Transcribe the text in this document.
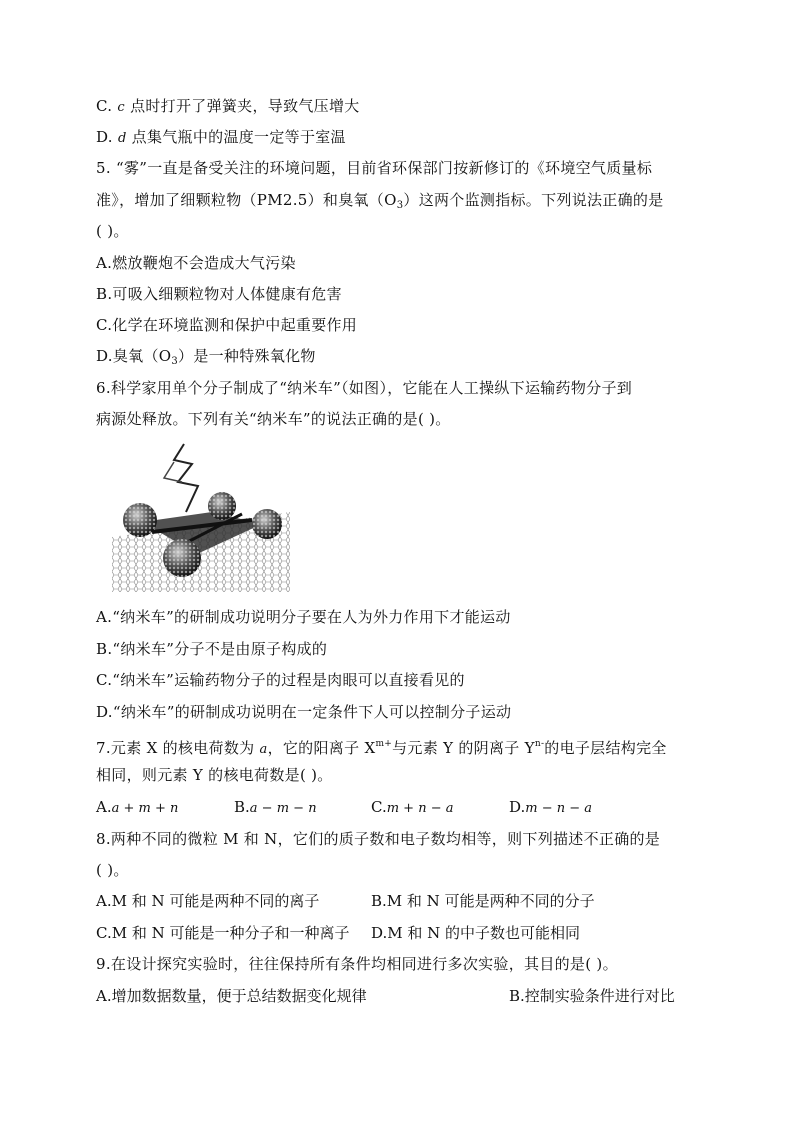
C. c 点时打开了弹簧夹，导致气压增大
D. d 点集气瓶中的温度一定等于室温
5. “雾”一直是备受关注的环境问题，目前省环保部门按新修订的《环境空气质量标
准》，增加了细颗粒物（PM2.5）和臭氧$(O_3)$这两个监测指标。下列说法正确的是
( )。
A.燃放鞭炮不会造成大气污染
B.可吸入细颗粒物对人体健康有危害
C.化学在环境监测和保护中起重要作用
D.臭氧$(O_3)$是一种特殊氧化物
6.科学家用单个分子制成了“纳米车”（如图），它能在人工操纵下运输药物分子到
病源处释放。下列有关“纳米车”的说法正确的是( )。
A.“纳米车”的研制成功说明分子要在人为外力作用下才能运动
B.“纳米车”分子不是由原子构成的
C.“纳米车”运输药物分子的过程是肉眼可以直接看见的
D.“纳米车”的研制成功说明在一定条件下人可以控制分子运动
7.元素 X 的核电荷数为 a，它的阳离子 $X^{m+}$与元素 Y 的阴离子 $Y^{n-}$的电子层结构完全
相同，则元素 Y 的核电荷数是( )。
A.a + m + n	B.a − m − n	C.m + n − a	D.m − n − a
8.两种不同的微粒 M 和 N，它们的质子数和电子数均相等，则下列描述不正确的是
( )。
A.M 和 N 可能是两种不同的离子	B.M 和 N 可能是两种不同的分子
C.M 和 N 可能是一种分子和一种离子 D.M 和 N 的中子数也可能相同
9.在设计探究实验时，往往保持所有条件均相同进行多次实验，其目的是( )。
A.增加数据数量，便于总结数据变化规律	B.控制实验条件进行对比
